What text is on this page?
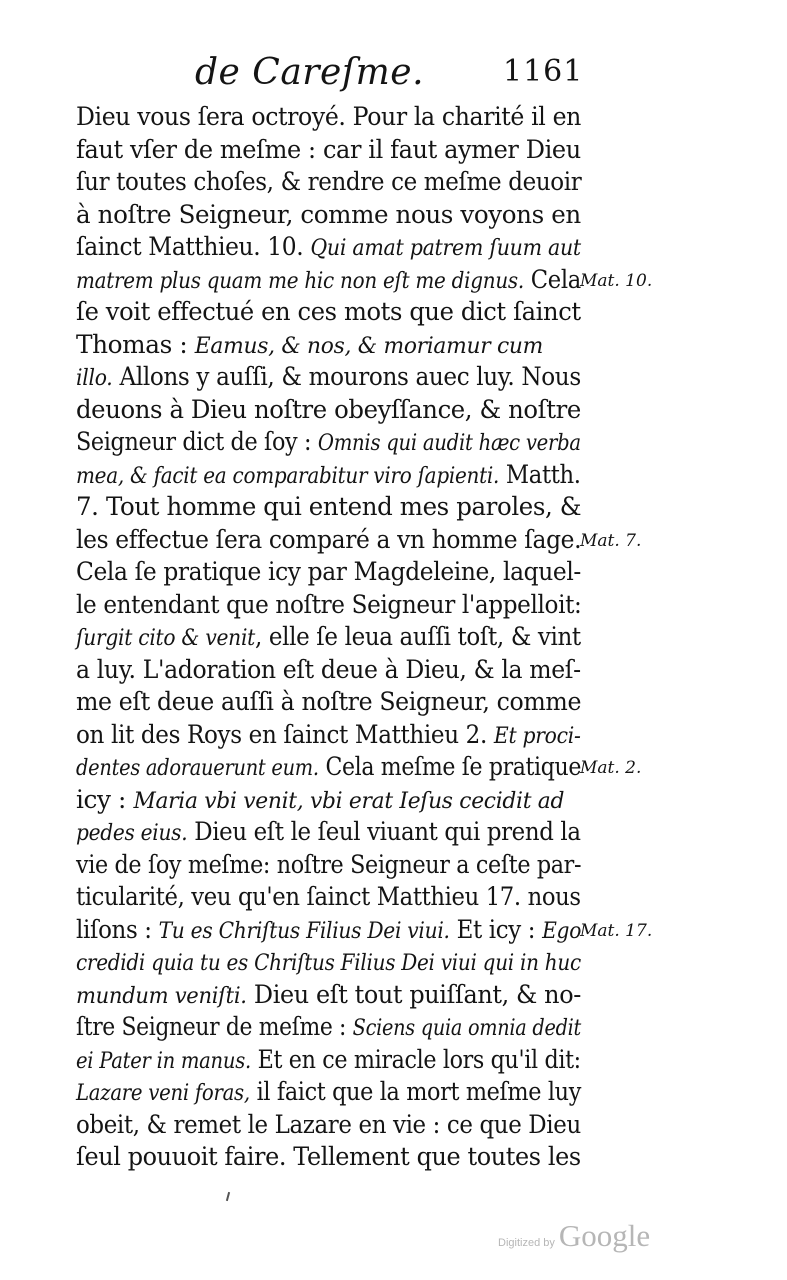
de Careſme.	1161
Dieu vous ſera octroyé. Pour la charité il en
faut vſer de meſme : car il faut aymer Dieu
ſur toutes choſes, & rendre ce meſme deuoir
à noſtre Seigneur, comme nous voyons en
ſainct Matthieu. 10. Qui amat patrem ſuum aut
matrem plus quam me hic non eſt me dignus. Cela
ſe voit effectué en ces mots que dict ſainct
Thomas : Eamus, & nos, & moriamur cum
illo. Allons y auſſi, & mourons auec luy. Nous
deuons à Dieu noſtre obeyſſance, & noſtre
Seigneur dict de ſoy : Omnis qui audit hæc verba
mea, & facit ea comparabitur viro ſapienti. Matth.
7. Tout homme qui entend mes paroles, &
les effectue ſera comparé a vn homme ſage.
Cela ſe pratique icy par Magdeleine, laquel-
le entendant que noſtre Seigneur l'appelloit:
ſurgit cito & venit, elle ſe leua auſſi toſt, & vint
a luy. L'adoration eſt deue à Dieu, & la meſ-
me eſt deue auſſi à noſtre Seigneur, comme
on lit des Roys en ſainct Matthieu 2. Et proci-
dentes adorauerunt eum. Cela meſme ſe pratique
icy : Maria vbi venit, vbi erat Ieſus cecidit ad
pedes eius. Dieu eſt le ſeul viuant qui prend la
vie de ſoy meſme: noſtre Seigneur a ceſte par-
ticularité, veu qu'en ſainct Matthieu 17. nous
liſons : Tu es Chriſtus Filius Dei viui. Et icy : Ego
credidi quia tu es Chriſtus Filius Dei viui qui in huc
mundum veniſti. Dieu eſt tout puiſſant, & no-
ſtre Seigneur de meſme : Sciens quia omnia dedit
ei Pater in manus. Et en ce miracle lors qu'il dit:
Lazare veni foras, il faict que la mort meſme luy
obeit, & remet le Lazare en vie : ce que Dieu
ſeul pouuoit faire. Tellement que toutes les
Mat. 10.
Mat. 7.
Mat. 2.
Mat. 17.
Digitized by Google
